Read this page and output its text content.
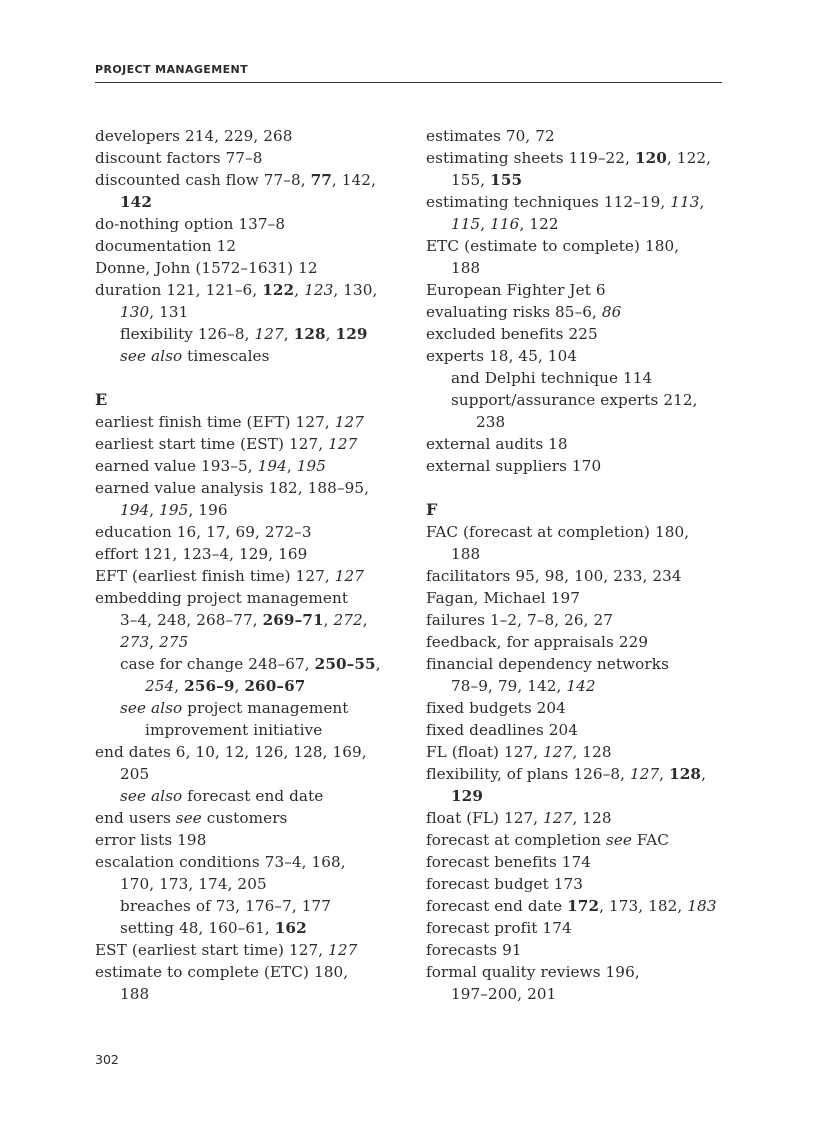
PROJECT MANAGEMENT
developers 214, 229, 268
discount factors 77–8
discounted cash flow 77–8, 77, 142,
142
do-nothing option 137–8
documentation 12
Donne, John (1572–1631) 12
duration 121, 121–6, 122, 123, 130,
130, 131
flexibility 126–8, 127, 128, 129
see also timescales
E
earliest finish time (EFT) 127, 127
earliest start time (EST) 127, 127
earned value 193–5, 194, 195
earned value analysis 182, 188–95,
194, 195, 196
education 16, 17, 69, 272–3
effort 121, 123–4, 129, 169
EFT (earliest finish time) 127, 127
embedding project management
3–4, 248, 268–77, 269–71, 272,
273, 275
case for change 248–67, 250–55,
254, 256–9, 260–67
see also project management
improvement initiative
end dates 6, 10, 12, 126, 128, 169,
205
see also forecast end date
end users see customers
error lists 198
escalation conditions 73–4, 168,
170, 173, 174, 205
breaches of 73, 176–7, 177
setting 48, 160–61, 162
EST (earliest start time) 127, 127
estimate to complete (ETC) 180,
188
estimates 70, 72
estimating sheets 119–22, 120, 122,
155, 155
estimating techniques 112–19, 113,
115, 116, 122
ETC (estimate to complete) 180,
188
European Fighter Jet 6
evaluating risks 85–6, 86
excluded benefits 225
experts 18, 45, 104
and Delphi technique 114
support/assurance experts 212,
238
external audits 18
external suppliers 170
F
FAC (forecast at completion) 180,
188
facilitators 95, 98, 100, 233, 234
Fagan, Michael 197
failures 1–2, 7–8, 26, 27
feedback, for appraisals 229
financial dependency networks
78–9, 79, 142, 142
fixed budgets 204
fixed deadlines 204
FL (float) 127, 127, 128
flexibility, of plans 126–8, 127, 128,
129
float (FL) 127, 127, 128
forecast at completion see FAC
forecast benefits 174
forecast budget 173
forecast end date 172, 173, 182, 183
forecast profit 174
forecasts 91
formal quality reviews 196,
197–200, 201
302
